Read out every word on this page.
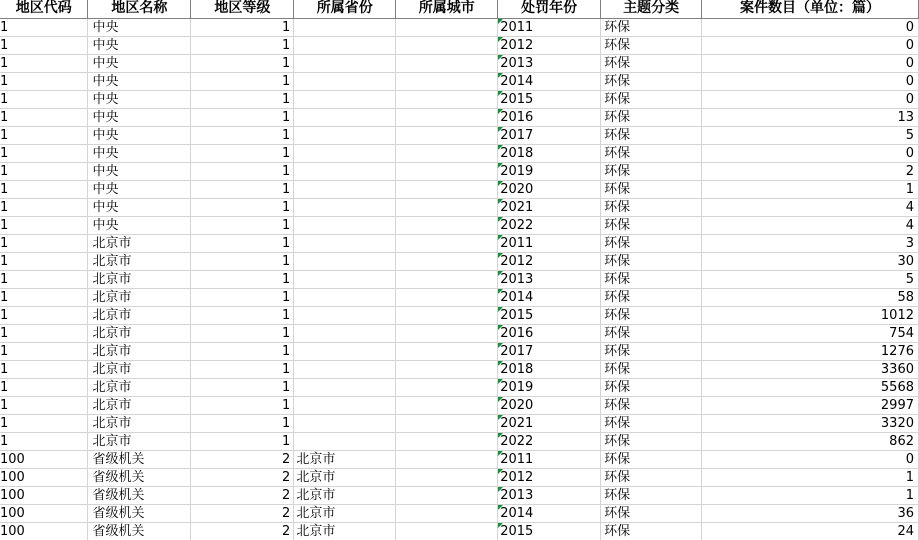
地区代码	地区名称	地区等级	所属省份	所属城市	处罚年份	主题分类	案件数目（单位：篇）
1	中央	1			2011	环保	0
1	中央	1			2012	环保	0
1	中央	1			2013	环保	0
1	中央	1			2014	环保	0
1	中央	1			2015	环保	0
1	中央	1			2016	环保	13
1	中央	1			2017	环保	5
1	中央	1			2018	环保	0
1	中央	1			2019	环保	2
1	中央	1			2020	环保	1
1	中央	1			2021	环保	4
1	中央	1			2022	环保	4
1	北京市	1			2011	环保	3
1	北京市	1			2012	环保	30
1	北京市	1			2013	环保	5
1	北京市	1			2014	环保	58
1	北京市	1			2015	环保	1012
1	北京市	1			2016	环保	754
1	北京市	1			2017	环保	1276
1	北京市	1			2018	环保	3360
1	北京市	1			2019	环保	5568
1	北京市	1			2020	环保	2997
1	北京市	1			2021	环保	3320
1	北京市	1			2022	环保	862
100	省级机关	2	北京市		2011	环保	0
100	省级机关	2	北京市		2012	环保	1
100	省级机关	2	北京市		2013	环保	1
100	省级机关	2	北京市		2014	环保	36
100	省级机关	2	北京市		2015	环保	24
